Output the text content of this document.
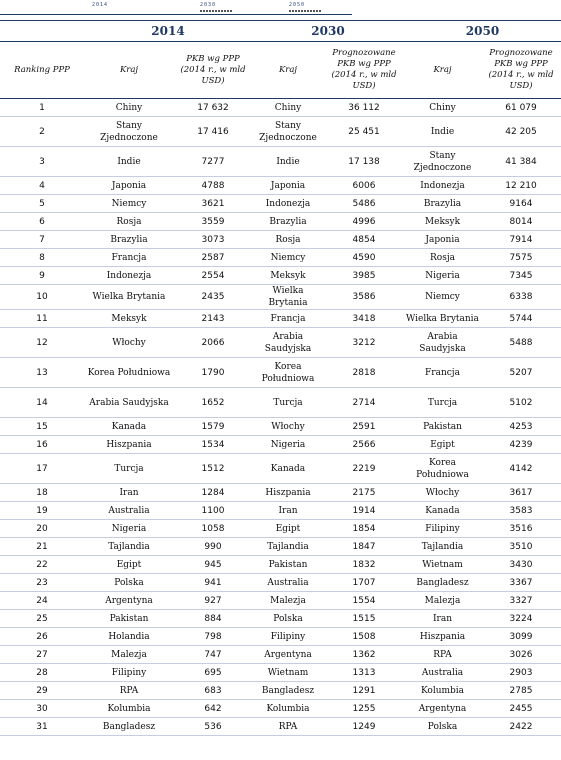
2014	2030	2050
	2014		2030		2050	
Ranking PPP	Kraj	PKB wg PPP (2014 r., w mld USD)	Kraj	Prognozowane PKB wg PPP (2014 r., w mld USD)	Kraj	Prognozowane PKB wg PPP (2014 r., w mld USD)
1	Chiny	17 632	Chiny	36 112	Chiny	61 079
2	Stany Zjednoczone	17 416	Stany Zjednoczone	25 451	Indie	42 205
3	Indie	7277	Indie	17 138	Stany Zjednoczone	41 384
4	Japonia	4788	Japonia	6006	Indonezja	12 210
5	Niemcy	3621	Indonezja	5486	Brazylia	9164
6	Rosja	3559	Brazylia	4996	Meksyk	8014
7	Brazylia	3073	Rosja	4854	Japonia	7914
8	Francja	2587	Niemcy	4590	Rosja	7575
9	Indonezja	2554	Meksyk	3985	Nigeria	7345
10	Wielka Brytania	2435	Wielka Brytania	3586	Niemcy	6338
11	Meksyk	2143	Francja	3418	Wielka Brytania	5744
12	Włochy	2066	Arabia Saudyjska	3212	Arabia Saudyjska	5488
13	Korea Południowa	1790	Korea Południowa	2818	Francja	5207
14	Arabia Saudyjska	1652	Turcja	2714	Turcja	5102
15	Kanada	1579	Włochy	2591	Pakistan	4253
16	Hiszpania	1534	Nigeria	2566	Egipt	4239
17	Turcja	1512	Kanada	2219	Korea Południowa	4142
18	Iran	1284	Hiszpania	2175	Włochy	3617
19	Australia	1100	Iran	1914	Kanada	3583
20	Nigeria	1058	Egipt	1854	Filipiny	3516
21	Tajlandia	990	Tajlandia	1847	Tajlandia	3510
22	Egipt	945	Pakistan	1832	Wietnam	3430
23	Polska	941	Australia	1707	Bangladesz	3367
24	Argentyna	927	Malezja	1554	Malezja	3327
25	Pakistan	884	Polska	1515	Iran	3224
26	Holandia	798	Filipiny	1508	Hiszpania	3099
27	Malezja	747	Argentyna	1362	RPA	3026
28	Filipiny	695	Wietnam	1313	Australia	2903
29	RPA	683	Bangladesz	1291	Kolumbia	2785
30	Kolumbia	642	Kolumbia	1255	Argentyna	2455
31	Bangladesz	536	RPA	1249	Polska	2422
